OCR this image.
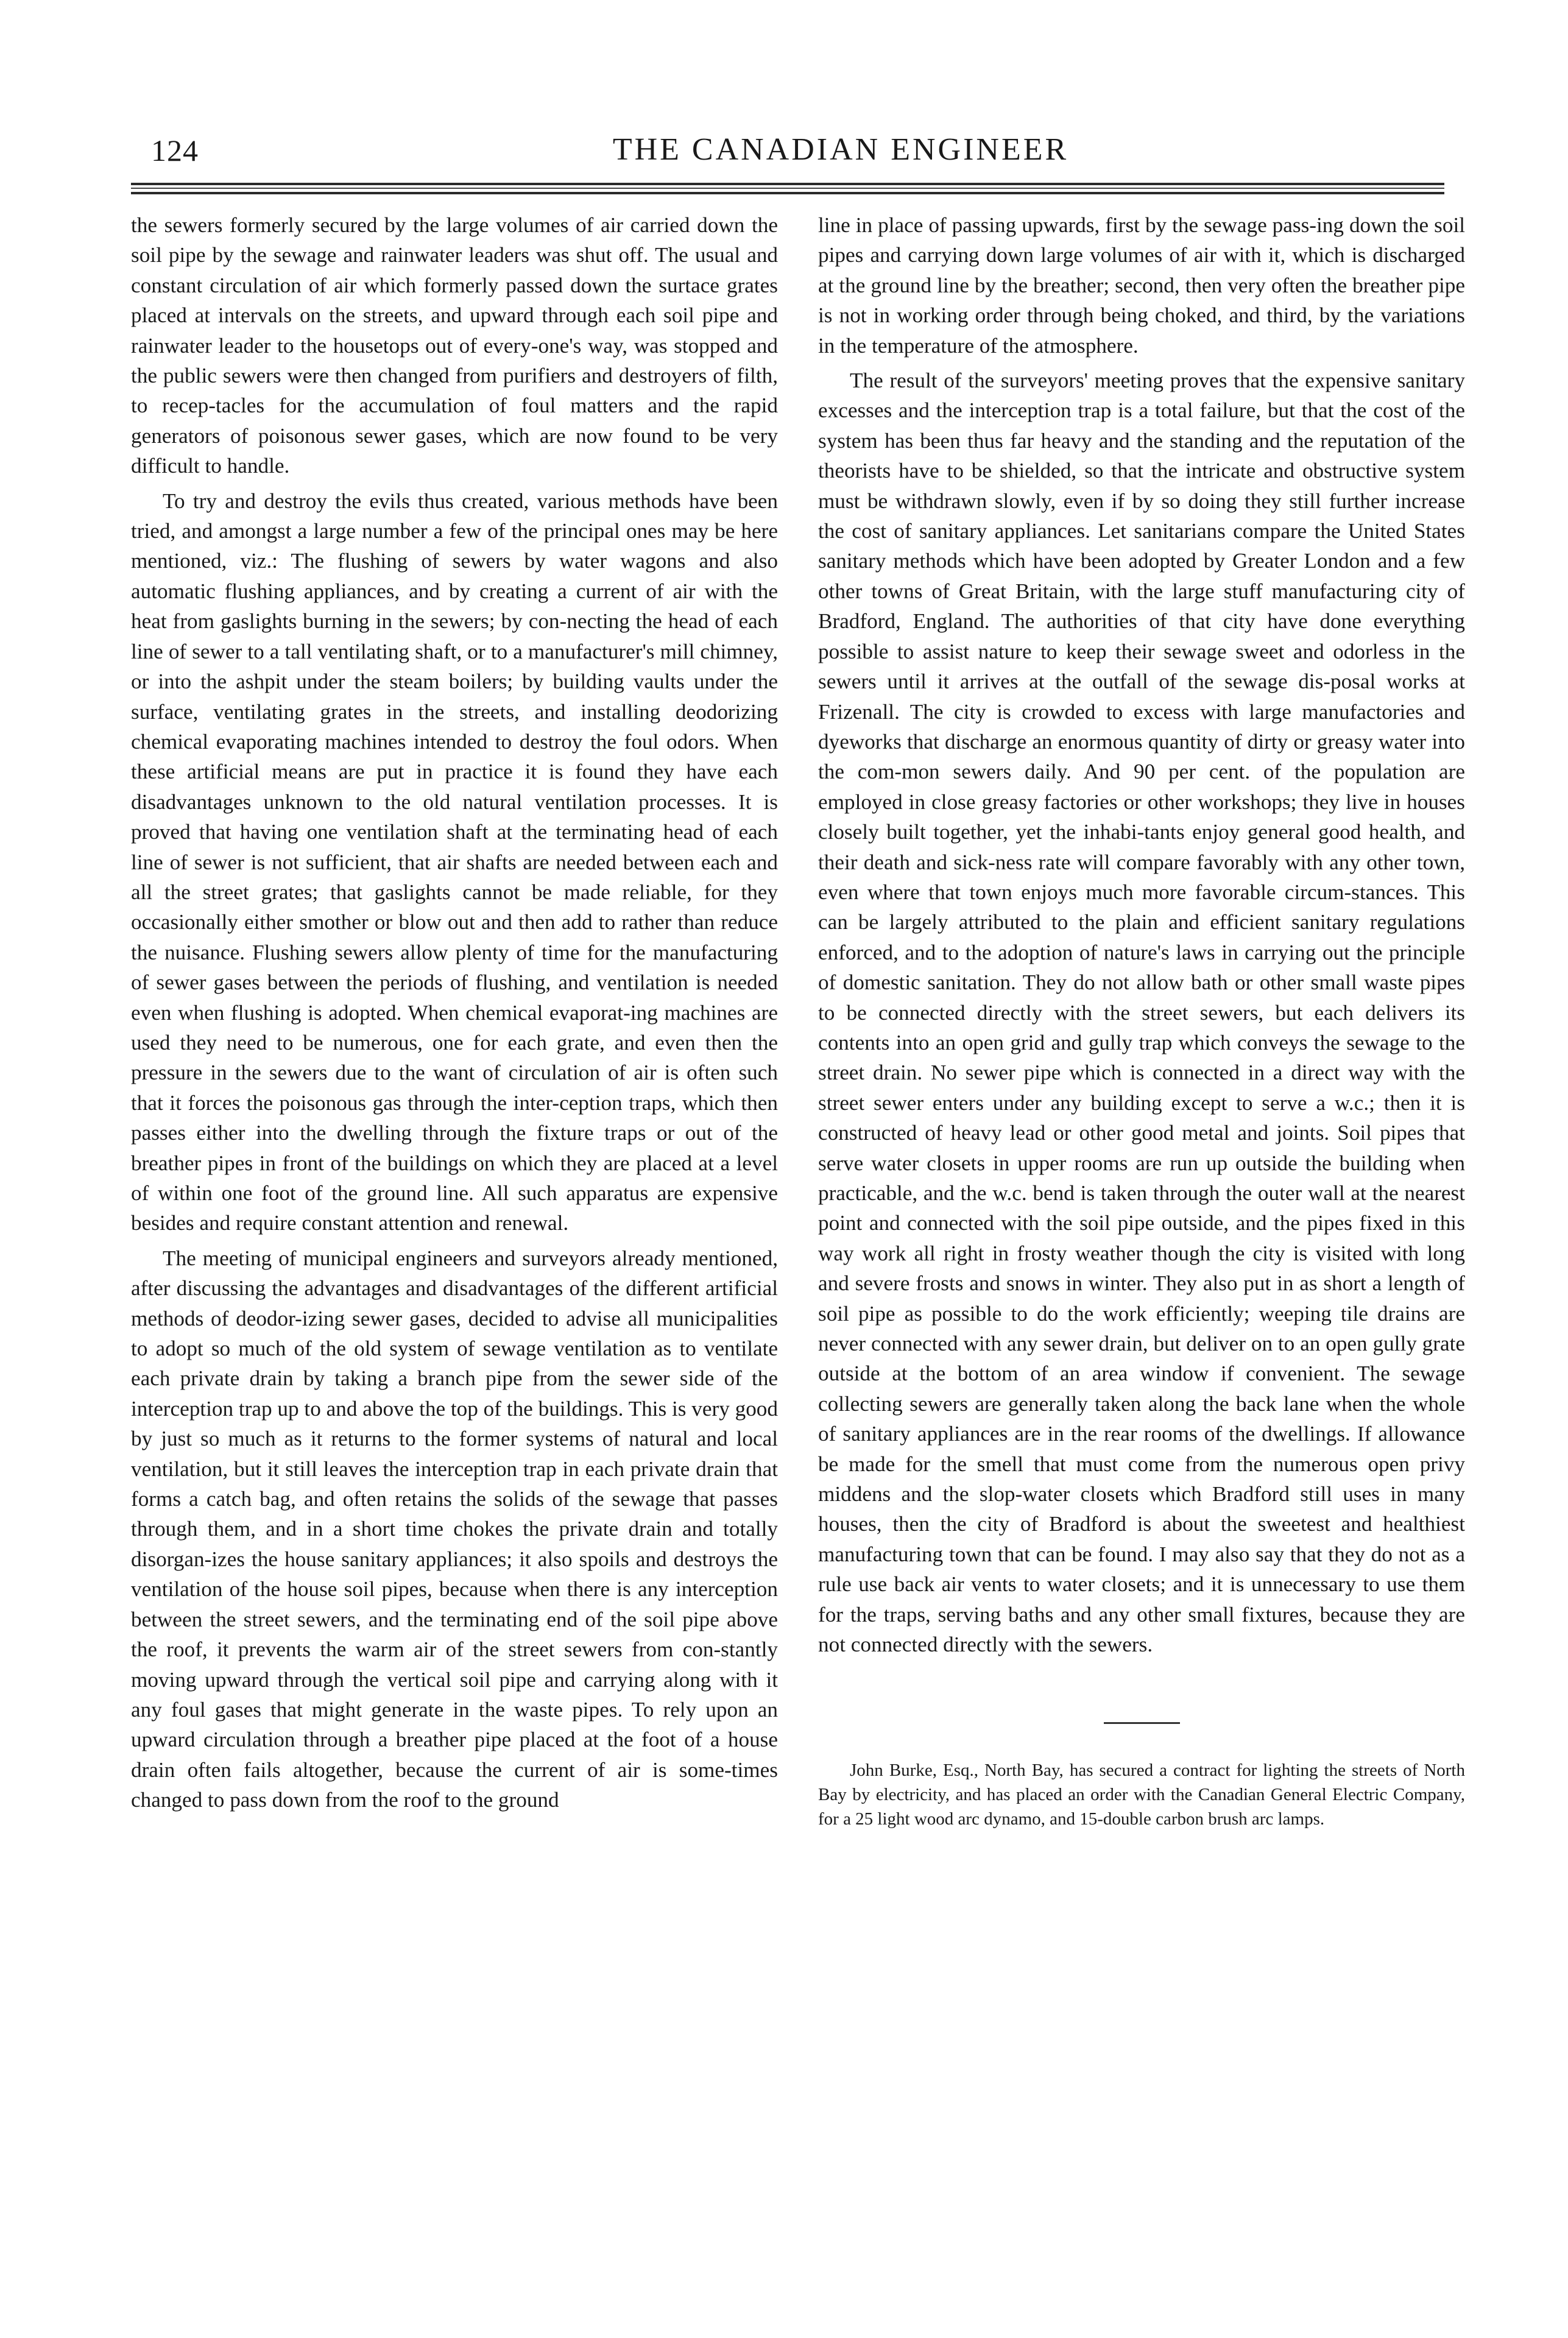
124	THE CANADIAN ENGINEER

the sewers formerly secured by the large volumes of air carried down the soil pipe by the sewage and rainwater leaders was shut off. The usual and constant circulation of air which formerly passed down the surtace grates placed at intervals on the streets, and upward through each soil pipe and rainwater leader to the housetops out of every-one's way, was stopped and the public sewers were then changed from purifiers and destroyers of filth, to recep-tacles for the accumulation of foul matters and the rapid generators of poisonous sewer gases, which are now found to be very difficult to handle.

To try and destroy the evils thus created, various methods have been tried, and amongst a large number a few of the principal ones may be here mentioned, viz.: The flushing of sewers by water wagons and also automatic flushing appliances, and by creating a current of air with the heat from gaslights burning in the sewers; by con-necting the head of each line of sewer to a tall ventilating shaft, or to a manufacturer's mill chimney, or into the ashpit under the steam boilers; by building vaults under the surface, ventilating grates in the streets, and installing deodorizing chemical evaporating machines intended to destroy the foul odors. When these artificial means are put in practice it is found they have each disadvantages unknown to the old natural ventilation processes. It is proved that having one ventilation shaft at the terminating head of each line of sewer is not sufficient, that air shafts are needed between each and all the street grates; that gaslights cannot be made reliable, for they occasionally either smother or blow out and then add to rather than reduce the nuisance. Flushing sewers allow plenty of time for the manufacturing of sewer gases between the periods of flushing, and ventilation is needed even when flushing is adopted. When chemical evaporat-ing machines are used they need to be numerous, one for each grate, and even then the pressure in the sewers due to the want of circulation of air is often such that it forces the poisonous gas through the inter-ception traps, which then passes either into the dwelling through the fixture traps or out of the breather pipes in front of the buildings on which they are placed at a level of within one foot of the ground line. All such apparatus are expensive besides and require constant attention and renewal.

The meeting of municipal engineers and surveyors already mentioned, after discussing the advantages and disadvantages of the different artificial methods of deodor-izing sewer gases, decided to advise all municipalities to adopt so much of the old system of sewage ventilation as to ventilate each private drain by taking a branch pipe from the sewer side of the interception trap up to and above the top of the buildings. This is very good by just so much as it returns to the former systems of natural and local ventilation, but it still leaves the interception trap in each private drain that forms a catch bag, and often retains the solids of the sewage that passes through them, and in a short time chokes the private drain and totally disorgan-izes the house sanitary appliances; it also spoils and destroys the ventilation of the house soil pipes, because when there is any interception between the street sewers, and the terminating end of the soil pipe above the roof, it prevents the warm air of the street sewers from con-stantly moving upward through the vertical soil pipe and carrying along with it any foul gases that might generate in the waste pipes. To rely upon an upward circulation through a breather pipe placed at the foot of a house drain often fails altogether, because the current of air is some-times changed to pass down from the roof to the ground

line in place of passing upwards, first by the sewage pass-ing down the soil pipes and carrying down large volumes of air with it, which is discharged at the ground line by the breather; second, then very often the breather pipe is not in working order through being choked, and third, by the variations in the temperature of the atmosphere.

The result of the surveyors' meeting proves that the expensive sanitary excesses and the interception trap is a total failure, but that the cost of the system has been thus far heavy and the standing and the reputation of the theorists have to be shielded, so that the intricate and obstructive system must be withdrawn slowly, even if by so doing they still further increase the cost of sanitary appliances. Let sanitarians compare the United States sanitary methods which have been adopted by Greater London and a few other towns of Great Britain, with the large stuff manufacturing city of Bradford, England. The authorities of that city have done everything possible to assist nature to keep their sewage sweet and odorless in the sewers until it arrives at the outfall of the sewage dis-posal works at Frizenall. The city is crowded to excess with large manufactories and dyeworks that discharge an enormous quantity of dirty or greasy water into the com-mon sewers daily. And 90 per cent. of the population are employed in close greasy factories or other workshops; they live in houses closely built together, yet the inhabi-tants enjoy general good health, and their death and sick-ness rate will compare favorably with any other town, even where that town enjoys much more favorable circum-stances. This can be largely attributed to the plain and efficient sanitary regulations enforced, and to the adoption of nature's laws in carrying out the principle of domestic sanitation. They do not allow bath or other small waste pipes to be connected directly with the street sewers, but each delivers its contents into an open grid and gully trap which conveys the sewage to the street drain. No sewer pipe which is connected in a direct way with the street sewer enters under any building except to serve a w.c.; then it is constructed of heavy lead or other good metal and joints. Soil pipes that serve water closets in upper rooms are run up outside the building when practicable, and the w.c. bend is taken through the outer wall at the nearest point and connected with the soil pipe outside, and the pipes fixed in this way work all right in frosty weather though the city is visited with long and severe frosts and snows in winter. They also put in as short a length of soil pipe as possible to do the work efficiently; weeping tile drains are never connected with any sewer drain, but deliver on to an open gully grate outside at the bottom of an area window if convenient. The sewage collecting sewers are generally taken along the back lane when the whole of sanitary appliances are in the rear rooms of the dwellings. If allowance be made for the smell that must come from the numerous open privy middens and the slop-water closets which Bradford still uses in many houses, then the city of Bradford is about the sweetest and healthiest manufacturing town that can be found. I may also say that they do not as a rule use back air vents to water closets; and it is unnecessary to use them for the traps, serving baths and any other small fixtures, because they are not connected directly with the sewers.

John Burke, Esq., North Bay, has secured a contract for lighting the streets of North Bay by electricity, and has placed an order with the Canadian General Electric Company, for a 25 light wood arc dynamo, and 15-double carbon brush arc lamps.
